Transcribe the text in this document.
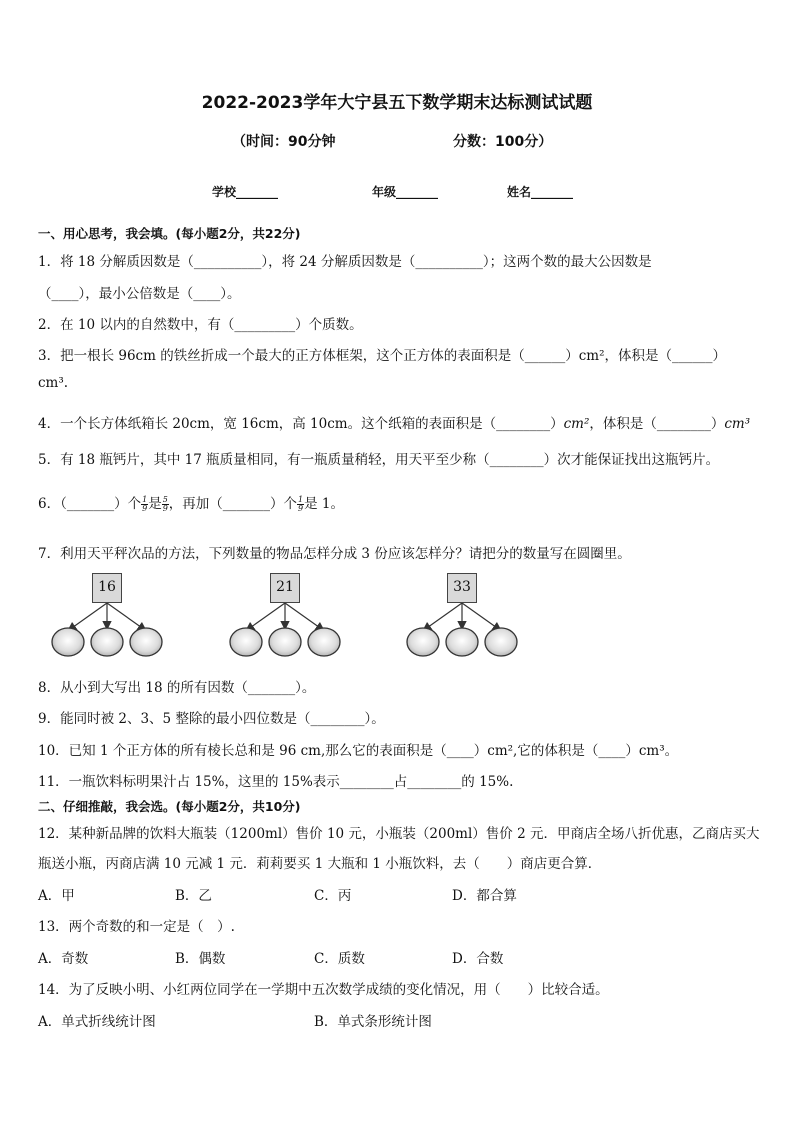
2022-2023学年大宁县五下数学期末达标测试试题
（时间：90分钟	分数：100分）
学校_______	年级_______	姓名_______
一、用心思考，我会填。(每小题2分，共22分)
1．将 18 分解质因数是（__________），将 24 分解质因数是（__________）；这两个数的最大公因数是
（____），最小公倍数是（____）。
2．在 10 以内的自然数中，有（_________）个质数。
3．把一根长 96cm 的铁丝折成一个最大的正方体框架，这个正方体的表面积是（______）cm²，体积是（______）
cm³.
4．一个长方体纸箱长 20cm，宽 16cm，高 10cm。这个纸箱的表面积是（________）cm²，体积是（________）cm³
5．有 18 瓶钙片，其中 17 瓶质量相同，有一瓶质量稍轻，用天平至少称（________）次才能保证找出这瓶钙片。
6．（_______）个 $\frac{1}{9}$ 是 $\frac{5}{9}$ ，再加（_______）个 $\frac{1}{9}$ 是 1。
7．利用天平秤次品的方法，下列数量的物品怎样分成 3 份应该怎样分？请把分的数量写在圆圈里。
16	21	33
8．从小到大写出 18 的所有因数（_______）。
9．能同时被 2、3、5 整除的最小四位数是（________）。
10．已知 1 个正方体的所有棱长总和是 96 cm,那么它的表面积是（____）cm²,它的体积是（____）cm³。
11．一瓶饮料标明果汁占 15%，这里的 15%表示________占________的 15%.
二、仔细推敲，我会选。(每小题2分，共10分)
12．某种新品牌的饮料大瓶装（1200ml）售价 10 元，小瓶装（200ml）售价 2 元．甲商店全场八折优惠，乙商店买大
瓶送小瓶，丙商店满 10 元减 1 元．莉莉要买 1 大瓶和 1 小瓶饮料，去（　　）商店更合算．
A．甲	B．乙	C．丙	D．都合算
13．两个奇数的和一定是（　）.
A．奇数	B．偶数	C．质数	D．合数
14．为了反映小明、小红两位同学在一学期中五次数学成绩的变化情况，用（　　）比较合适。
A．单式折线统计图	B．单式条形统计图
